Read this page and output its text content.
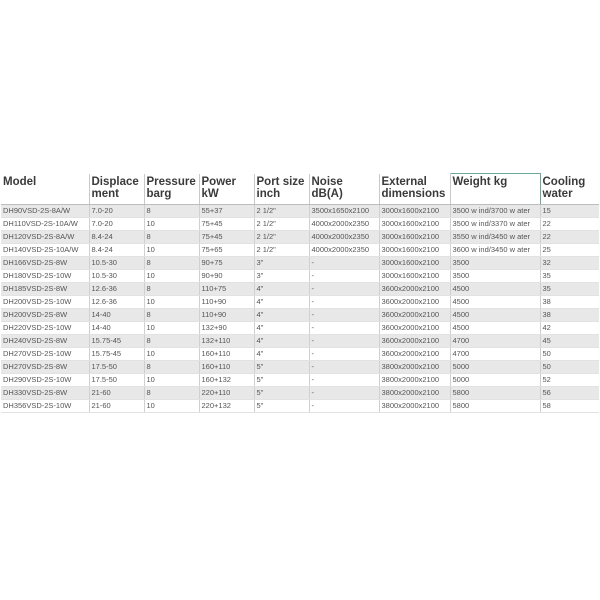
Model	Displace ment	Pressure barg	Power kW	Port size inch	Noise dB(A)	External dimensions	Weight kg	Cooling water
DH90VSD-2S-8A/W	7.0-20	8	55+37	2 1/2"	3500x1650x2100	3000x1600x2100	3500 w ind/3700 w ater	15
DH110VSD-2S-10A/W	7.0-20	10	75+45	2 1/2"	4000x2000x2350	3000x1600x2100	3500 w ind/3370 w ater	22
DH120VSD-2S-8A/W	8.4-24	8	75+45	2 1/2"	4000x2000x2350	3000x1600x2100	3550 w ind/3450 w ater	22
DH140VSD-2S-10A/W	8.4-24	10	75+65	2 1/2"	4000x2000x2350	3000x1600x2100	3600 w ind/3450 w ater	25
DH166VSD-2S-8W	10.5-30	8	90+75	3"	-	3000x1600x2100	3500	32
DH180VSD-2S-10W	10.5-30	10	90+90	3"	-	3000x1600x2100	3500	35
DH185VSD-2S-8W	12.6-36	8	110+75	4"	-	3600x2000x2100	4500	35
DH200VSD-2S-10W	12.6-36	10	110+90	4"	-	3600x2000x2100	4500	38
DH200VSD-2S-8W	14-40	8	110+90	4"	-	3600x2000x2100	4500	38
DH220VSD-2S-10W	14-40	10	132+90	4"	-	3600x2000x2100	4500	42
DH240VSD-2S-8W	15.75-45	8	132+110	4"	-	3600x2000x2100	4700	45
DH270VSD-2S-10W	15.75-45	10	160+110	4"	-	3600x2000x2100	4700	50
DH270VSD-2S-8W	17.5-50	8	160+110	5"	-	3800x2000x2100	5000	50
DH290VSD-2S-10W	17.5-50	10	160+132	5"	-	3800x2000x2100	5000	52
DH330VSD-2S-8W	21-60	8	220+110	5"	-	3800x2000x2100	5800	56
DH356VSD-2S-10W	21-60	10	220+132	5"	-	3800x2000x2100	5800	58
